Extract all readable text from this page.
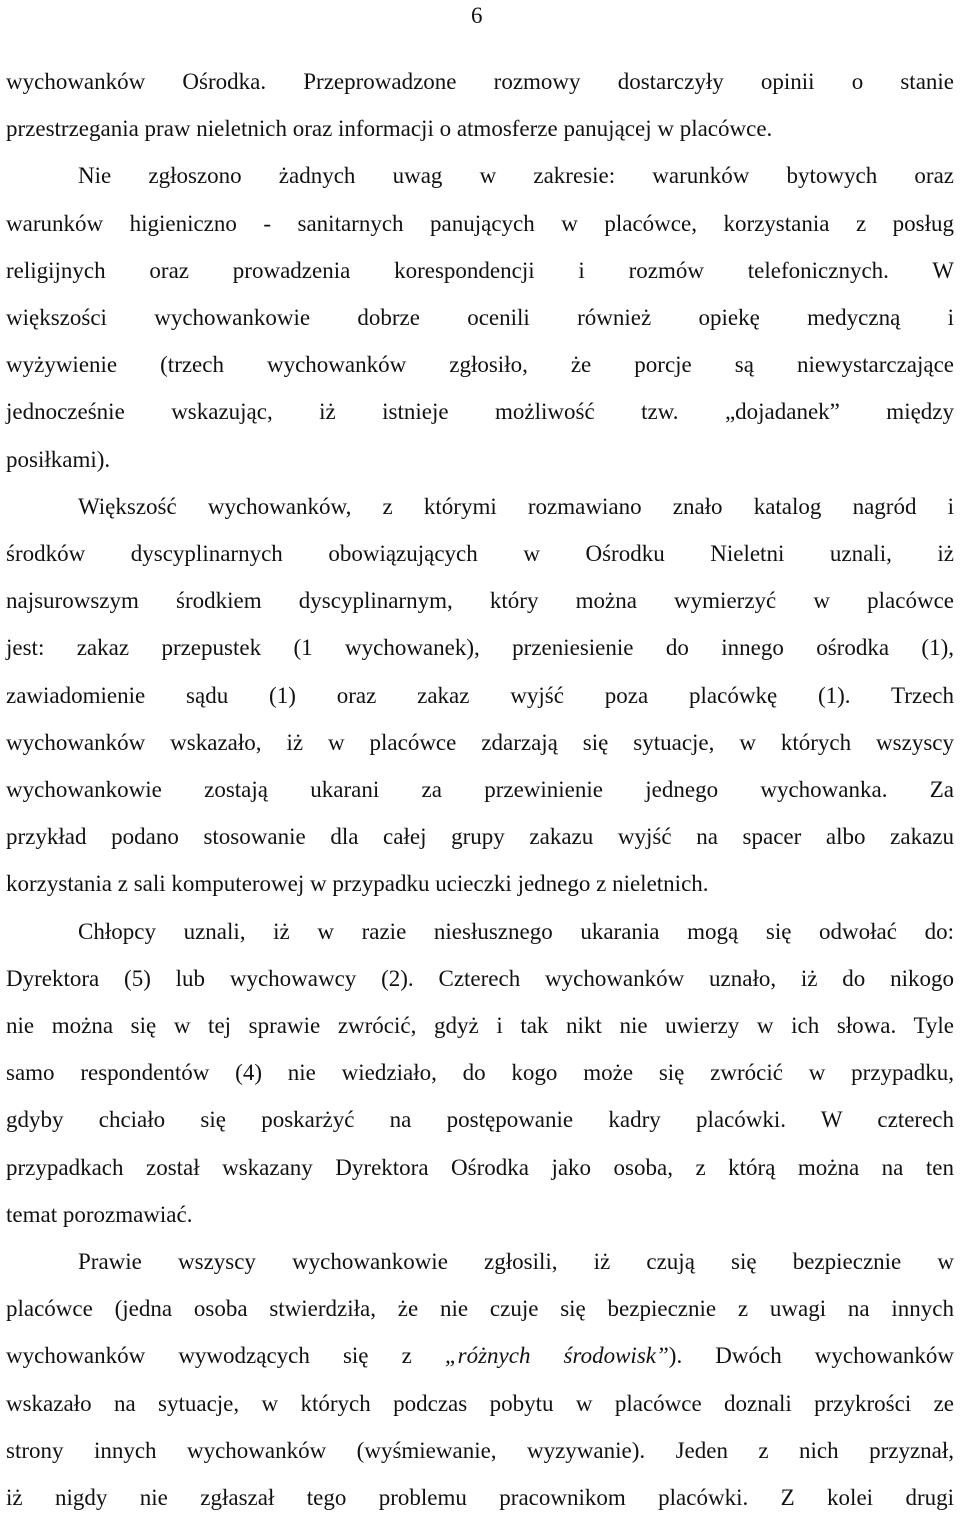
6

wychowanków Ośrodka. Przeprowadzone rozmowy dostarczyły opinii o stanie

przestrzegania praw nieletnich oraz informacji o atmosferze panującej w placówce.

Nie zgłoszono żadnych uwag w zakresie: warunków bytowych oraz

warunków higieniczno - sanitarnych panujących w placówce, korzystania z posług

religijnych oraz prowadzenia korespondencji i rozmów telefonicznych. W

większości wychowankowie dobrze ocenili również opiekę medyczną i

wyżywienie (trzech wychowanków zgłosiło, że porcje są niewystarczające

jednocześnie wskazując, iż istnieje możliwość tzw. „dojadanek” między

posiłkami).

Większość wychowanków, z którymi rozmawiano znało katalog nagród i

środków dyscyplinarnych obowiązujących w Ośrodku Nieletni uznali, iż

najsurowszym środkiem dyscyplinarnym, który można wymierzyć w placówce

jest: zakaz przepustek (1 wychowanek), przeniesienie do innego ośrodka (1),

zawiadomienie sądu (1) oraz zakaz wyjść poza placówkę (1). Trzech

wychowanków wskazało, iż w placówce zdarzają się sytuacje, w których wszyscy

wychowankowie zostają ukarani za przewinienie jednego wychowanka. Za

przykład podano stosowanie dla całej grupy zakazu wyjść na spacer albo zakazu

korzystania z sali komputerowej w przypadku ucieczki jednego z nieletnich.

Chłopcy uznali, iż w razie niesłusznego ukarania mogą się odwołać do:

Dyrektora (5) lub wychowawcy (2). Czterech wychowanków uznało, iż do nikogo

nie można się w tej sprawie zwrócić, gdyż i tak nikt nie uwierzy w ich słowa. Tyle

samo respondentów (4) nie wiedziało, do kogo może się zwrócić w przypadku,

gdyby chciało się poskarżyć na postępowanie kadry placówki. W czterech

przypadkach został wskazany Dyrektora Ośrodka jako osoba, z którą można na ten

temat porozmawiać.

Prawie wszyscy wychowankowie zgłosili, iż czują się bezpiecznie w

placówce (jedna osoba stwierdziła, że nie czuje się bezpiecznie z uwagi na innych

wychowanków wywodzących się z „różnych środowisk”). Dwóch wychowanków

wskazało na sytuacje, w których podczas pobytu w placówce doznali przykrości ze

strony innych wychowanków (wyśmiewanie, wyzywanie). Jeden z nich przyznał,

iż nigdy nie zgłaszał tego problemu pracownikom placówki. Z kolei drugi
